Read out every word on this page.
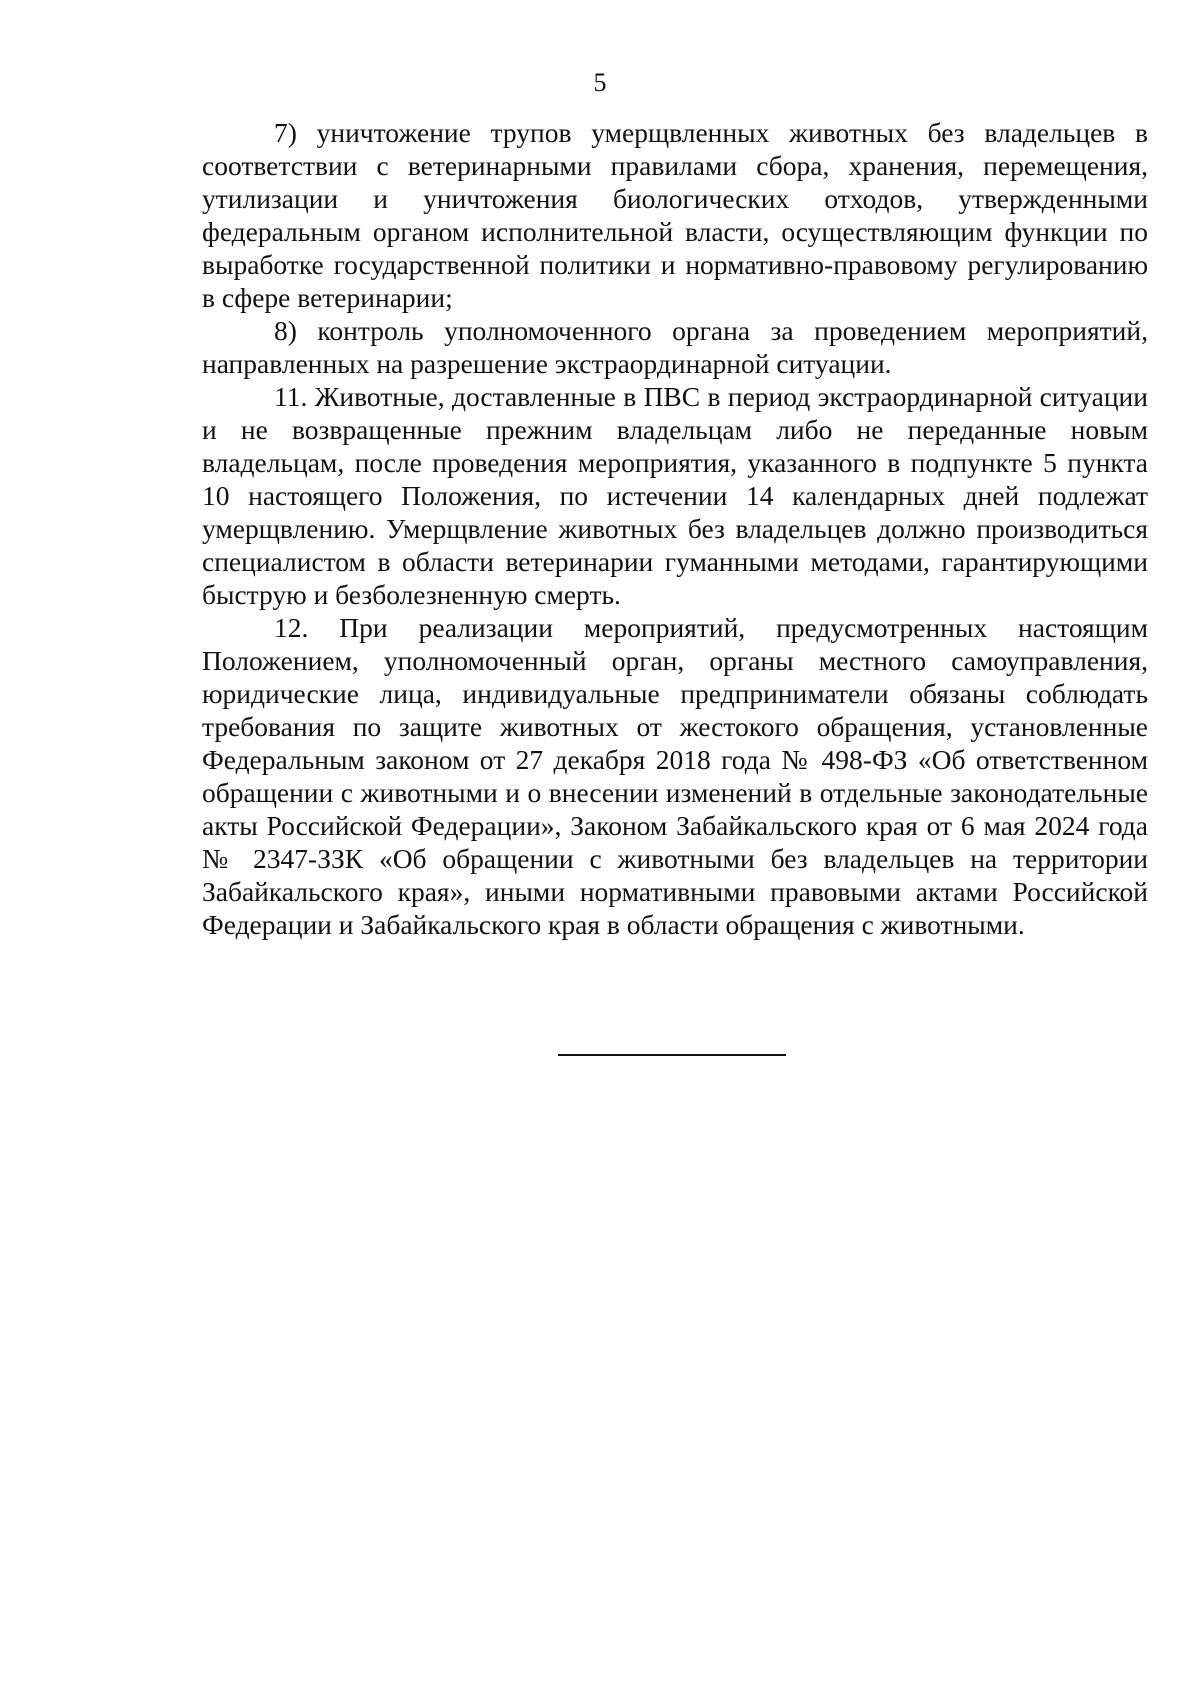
5

7) уничтожение трупов умерщвленных животных без владельцев в соответствии с ветеринарными правилами сбора, хранения, перемещения, утилизации и уничтожения биологических отходов, утвержденными федеральным органом исполнительной власти, осуществляющим функции по выработке государственной политики и нормативно-правовому регулированию в сфере ветеринарии;

8) контроль уполномоченного органа за проведением мероприятий, направленных на разрешение экстраординарной ситуации.

11. Животные, доставленные в ПВС в период экстраординарной ситуации и не возвращенные прежним владельцам либо не переданные новым владельцам, после проведения мероприятия, указанного в подпункте 5 пункта 10 настоящего Положения, по истечении 14 календарных дней подлежат умерщвлению. Умерщвление животных без владельцев должно производиться специалистом в области ветеринарии гуманными методами, гарантирующими быструю и безболезненную смерть.

12. При реализации мероприятий, предусмотренных настоящим Положением, уполномоченный орган, органы местного самоуправления, юридические лица, индивидуальные предприниматели обязаны соблюдать требования по защите животных от жестокого обращения, установленные Федеральным законом от 27 декабря 2018 года № 498-ФЗ «Об ответственном обращении с животными и о внесении изменений в отдельные законодательные акты Российской Федерации», Законом Забайкальского края от 6 мая 2024 года № 2347-ЗЗК «Об обращении с животными без владельцев на территории Забайкальского края», иными нормативными правовыми актами Российской Федерации и Забайкальского края в области обращения с животными.
